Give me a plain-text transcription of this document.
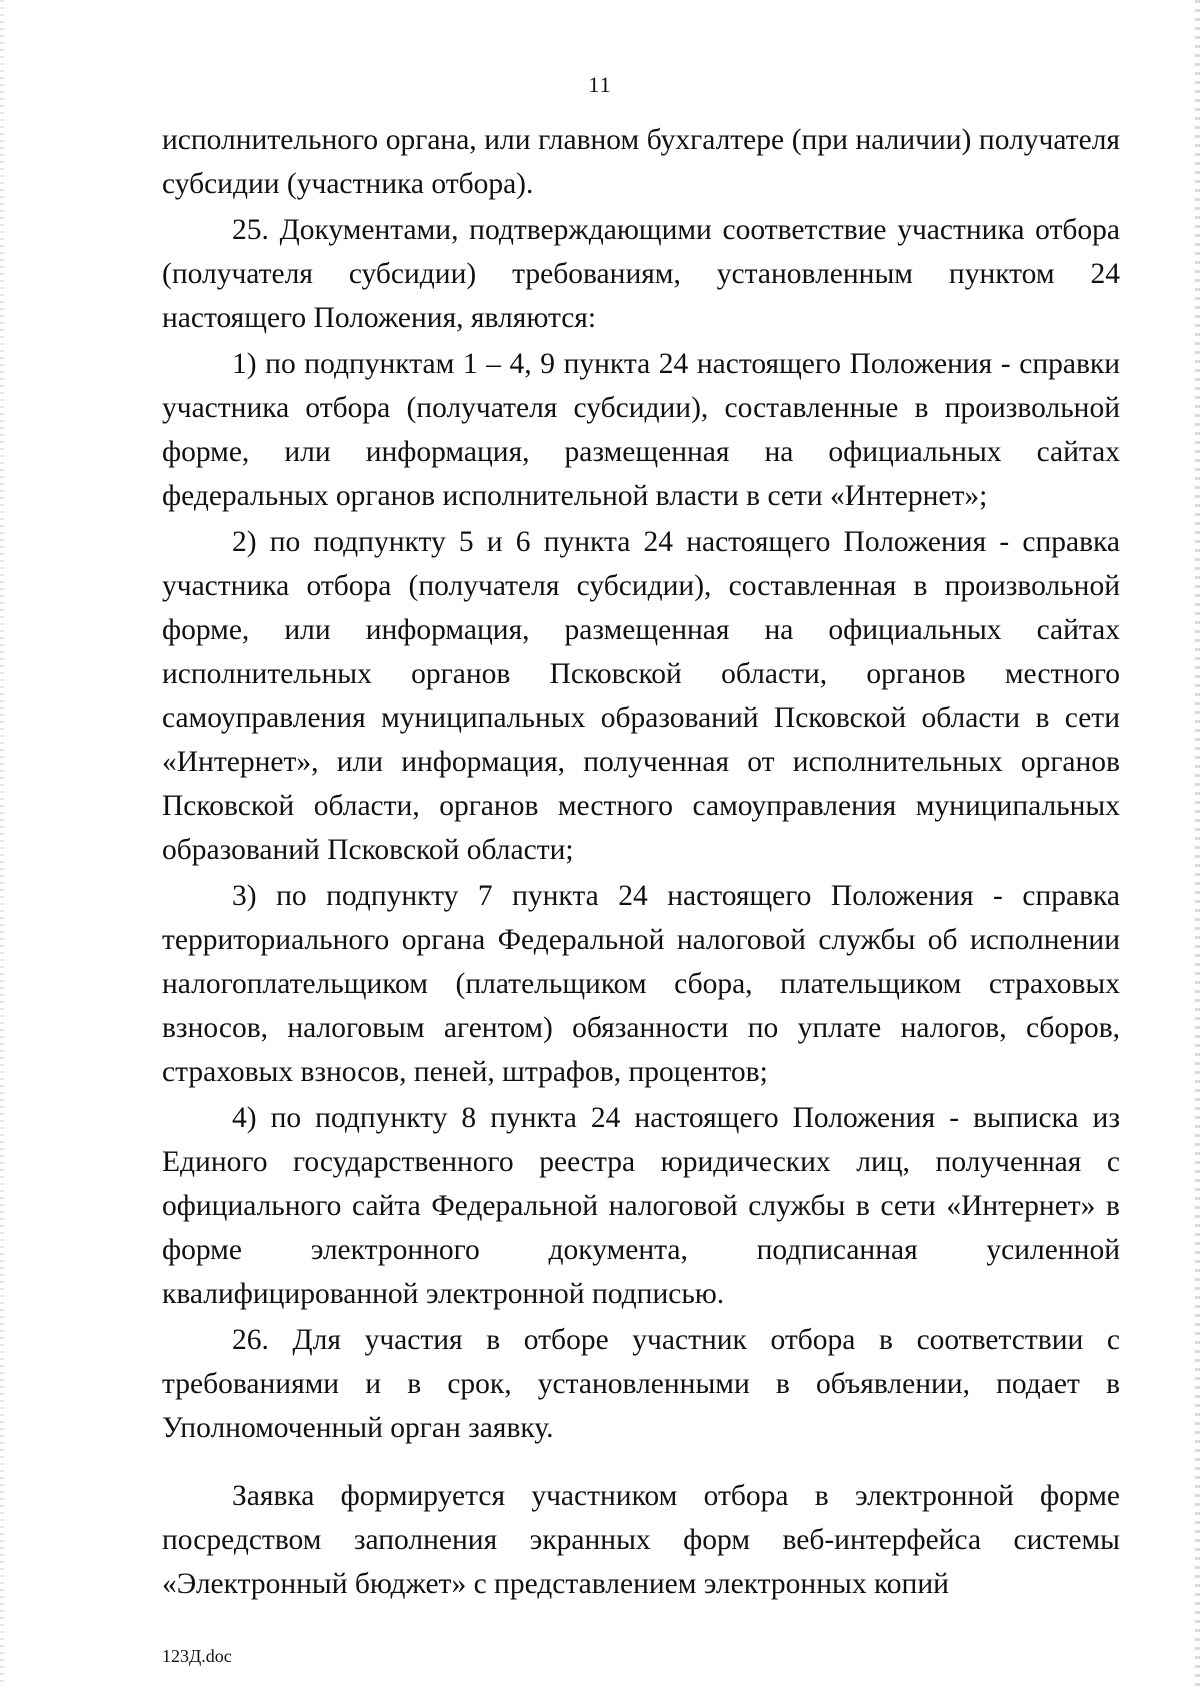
11

исполнительного органа, или главном бухгалтере (при наличии) получателя субсидии (участника отбора).

25. Документами, подтверждающими соответствие участника отбора (получателя субсидии) требованиям, установленным пунктом 24 настоящего Положения, являются:

1) по подпунктам 1 – 4, 9 пункта 24 настоящего Положения - справки участника отбора (получателя субсидии), составленные в произвольной форме, или информация, размещенная на официальных сайтах федеральных органов исполнительной власти в сети «Интернет»;

2) по подпункту 5 и 6 пункта 24 настоящего Положения - справка участника отбора (получателя субсидии), составленная в произвольной форме, или информация, размещенная на официальных сайтах исполнительных органов Псковской области, органов местного самоуправления муниципальных образований Псковской области в сети «Интернет», или информация, полученная от исполнительных органов Псковской области, органов местного самоуправления муниципальных образований Псковской области;

3) по подпункту 7 пункта 24 настоящего Положения - справка территориального органа Федеральной налоговой службы об исполнении налогоплательщиком (плательщиком сбора, плательщиком страховых взносов, налоговым агентом) обязанности по уплате налогов, сборов, страховых взносов, пеней, штрафов, процентов;

4) по подпункту 8 пункта 24 настоящего Положения - выписка из Единого государственного реестра юридических лиц, полученная с официального сайта Федеральной налоговой службы в сети «Интернет» в форме электронного документа, подписанная усиленной квалифицированной электронной подписью.

26. Для участия в отборе участник отбора в соответствии с требованиями и в срок, установленными в объявлении, подает в Уполномоченный орган заявку.

Заявка формируется участником отбора в электронной форме посредством заполнения экранных форм веб-интерфейса системы «Электронный бюджет» с представлением электронных копий

123Д.doc
